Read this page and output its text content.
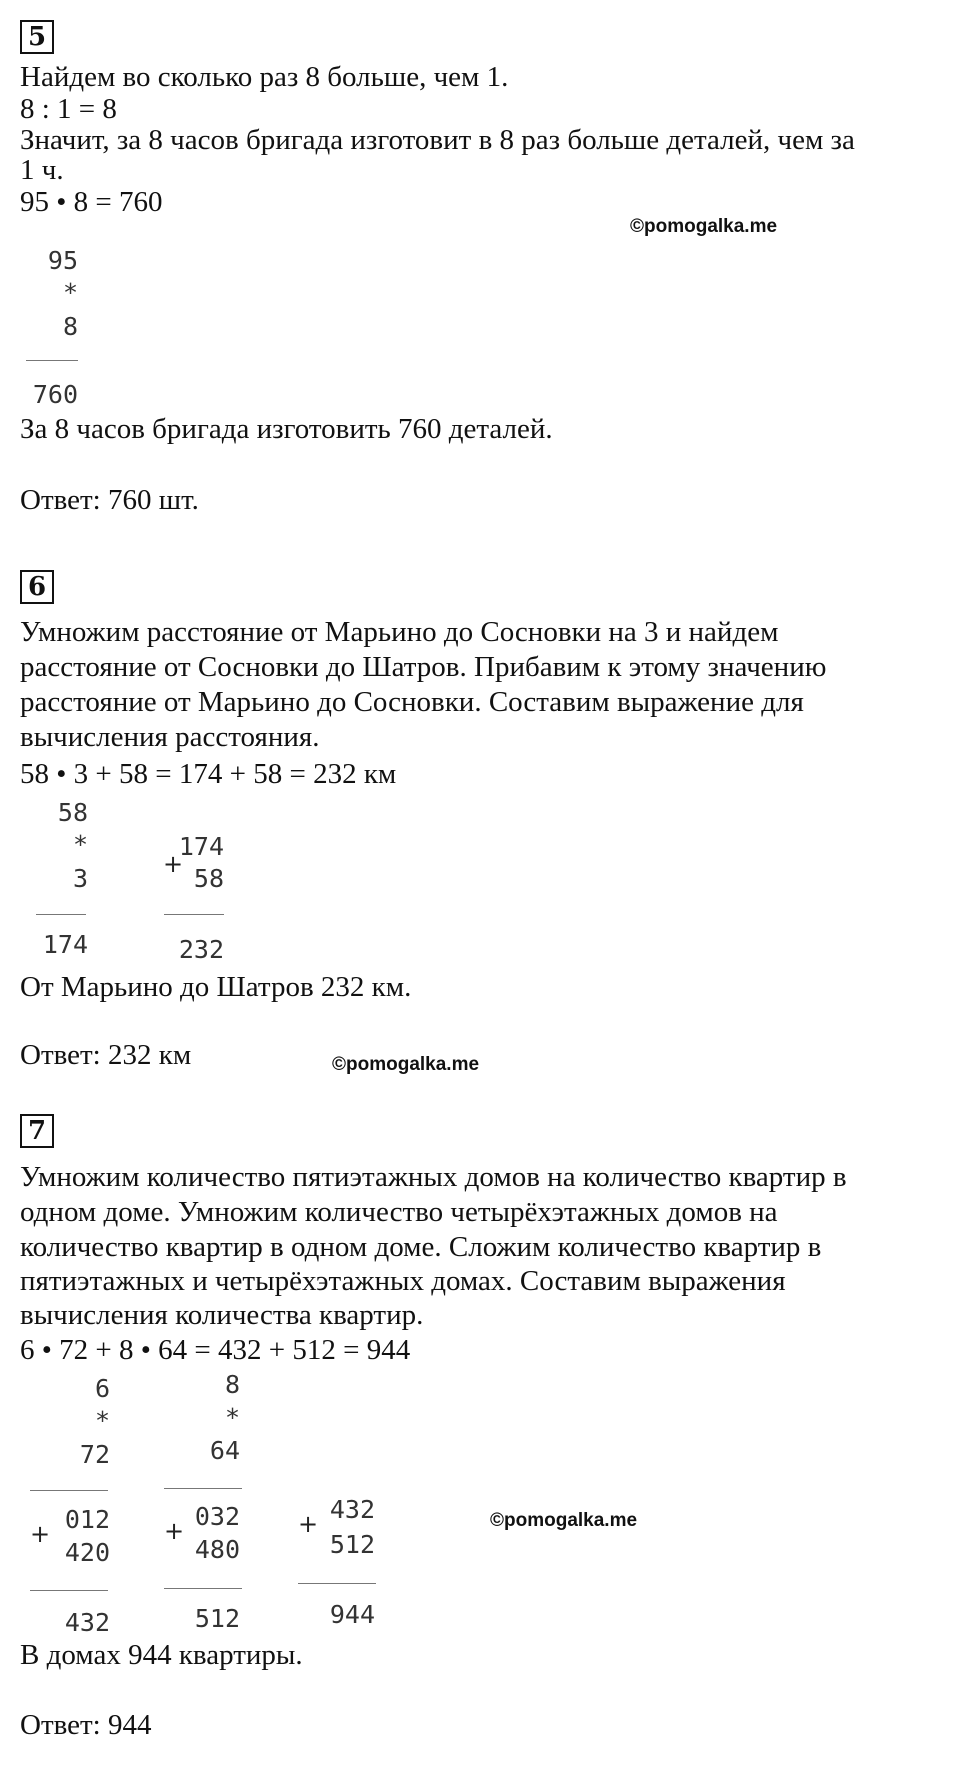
5
Найдем во сколько раз 8 больше, чем 1.
8 : 1 = 8
Значит, за 8 часов бригада изготовит в 8 раз больше деталей, чем за
1 ч.
95 • 8 = 760
©pomogalka.me
95
*
8
760
За 8 часов бригада изготовить 760 деталей.
Ответ: 760 шт.
6
Умножим расстояние от Марьино до Сосновки на 3 и найдем
расстояние от Сосновки до Шатров. Прибавим к этому значению
расстояние от Марьино до Сосновки. Составим выражение для
вычисления расстояния.
58 • 3 + 58 = 174 + 58 = 232 км
58
*
3
174
+
174
58
232
От Марьино до Шатров 232 км.
Ответ: 232 км	©pomogalka.me
7
Умножим количество пятиэтажных домов на количество квартир в
одном доме. Умножим количество четырёхэтажных домов на
количество квартир в одном доме. Сложим количество квартир в
пятиэтажных и четырёхэтажных домах. Составим выражения
вычисления количества квартир.
6 • 72 + 8 • 64 = 432 + 512 = 944
6
*
72
+ 012
420
432
8
*
64
+ 032
480
512
+ 432
512
944
©pomogalka.me
В домах 944 квартиры.
Ответ: 944
